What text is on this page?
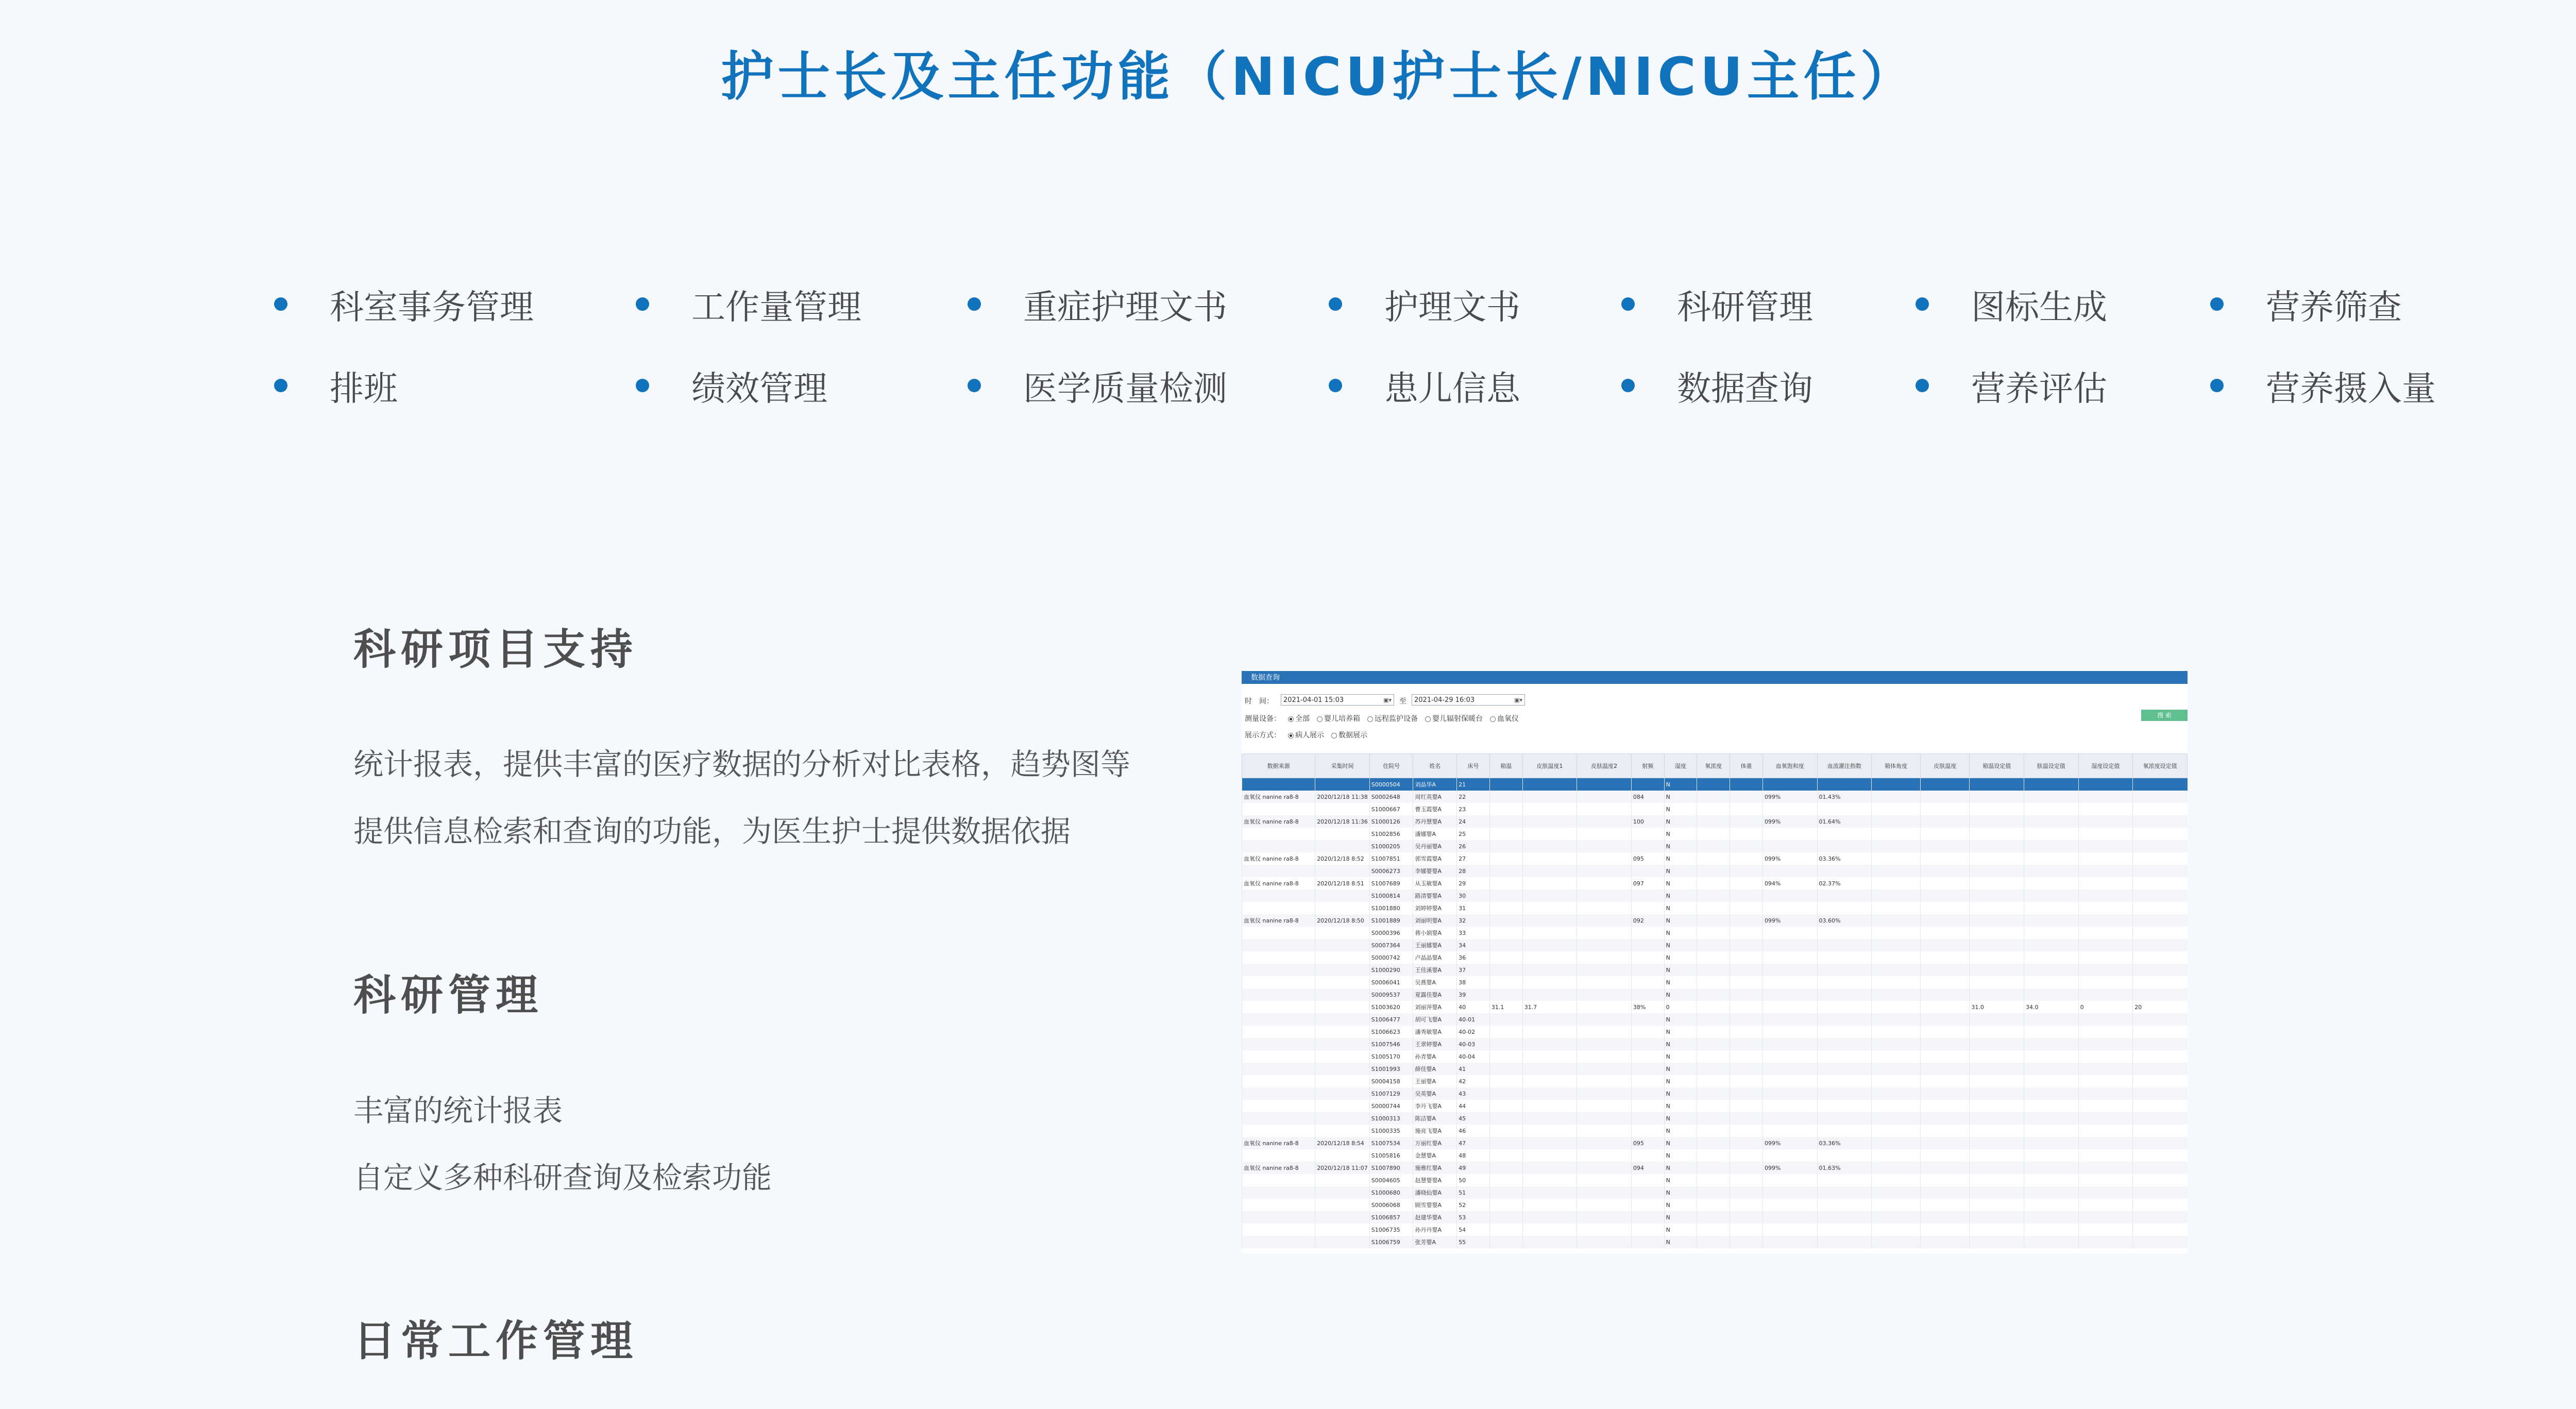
护士长及主任功能（NICU护士长/NICU主任）
科室事务管理	工作量管理	重症护理文书	护理文书	科研管理	图标生成	营养筛查
排班	绩效管理	医学质量检测	患儿信息	数据查询	营养评估	营养摄入量
科研项目支持
统计报表，提供丰富的医疗数据的分析对比表格，趋势图等
提供信息检索和查询的功能，为医生护士提供数据依据
科研管理
丰富的统计报表
自定义多种科研查询及检索功能
日常工作管理
数据查询
时　间：	2021-04-01 15:03	▣▾ 至	2021-04-29 16:03	▣▾
测量设备：	全部 婴儿培养箱 远程监护设备 婴儿辐射保暖台 血氧仪
展示方式：	病人展示 数据展示
搜 索
数据来源	采集时间	住院号	姓名	床号	箱温	皮肤温度1	皮肤温度2	射频	湿度	氧浓度	体重	血氧饱和度	血流灌注指数	箱体角度	皮肤温度	箱温设定值	肤温设定值	湿度设定值	氧浓度设定值
		S0000504	刘晶华A	21					N										
血氧仪 nanine ra8-8	2020/12/18 11:38	S0002648	周红英婴A	22				084	N			099%	01.43%						
		S1000667	曹玉霞婴A	23					N										
血氧仪 nanine ra8-8	2020/12/18 11:36	S1000126	苏丹慧婴A	24				100	N			099%	01.64%						
		S1002856	潘娜婴A	25					N										
		S1000205	吴丹丽婴A	26					N										
血氧仪 nanine ra8-8	2020/12/18 8:52	S1007851	郭雪霞婴A	27				095	N			099%	03.36%						
		S0006273	李娜婴婴A	28					N										
血氧仪 nanine ra8-8	2020/12/18 8:51	S1007689	从玉敏婴A	29				097	N			094%	02.37%						
		S1000814	路清婴婴A	30					N										
		S1001880	刘婷婷婴A	31					N										
血氧仪 nanine ra8-8	2020/12/18 8:50	S1001889	刘丽明婴A	32				092	N			099%	03.60%						
		S0000396	蒋小娟婴A	33					N										
		S0007364	王丽娜婴A	34					N										
		S0000742	卢晶晶婴A	36					N										
		S1000290	王佳溪婴A	37					N										
		S0006041	吴燕婴A	38					N										
		S0009537	夏露佳婴A	39					N										
		S1003620	刘丽萍婴A	40	31.1	31.7		38%	0							31.0	34.0	0	20
		S1006477	胡可飞婴A	40-01					N										
		S1006623	潘秀敏婴A	40-02					N										
		S1007546	王翠婷婴A	40-03					N										
		S1005170	孙青婴A	40-04					N										
		S1001993	薛佳婴A	41					N										
		S0004158	王丽婴A	42					N										
		S1007129	吴英婴A	43					N										
		S0000744	李丹飞婴A	44					N										
		S1000313	陈洁婴A	45					N										
		S1000335	施亮飞婴A	46					N										
血氧仪 nanine ra8-8	2020/12/18 8:54	S1007534	万丽红婴A	47				095	N			099%	03.36%						
		S1005816	金慧婴A	48					N										
血氧仪 nanine ra8-8	2020/12/18 11:07	S1007890	施雅红婴A	49				094	N			099%	01.63%						
		S0004605	赵慧婴婴A	50					N										
		S1000680	潘晓仙婴A	51					N										
		S0006068	顾雪婴婴A	52					N										
		S1006857	赵建华婴A	53					N										
		S1006735	孙丹丹婴A	54					N										
		S1006759	张芳婴A	55					N										
